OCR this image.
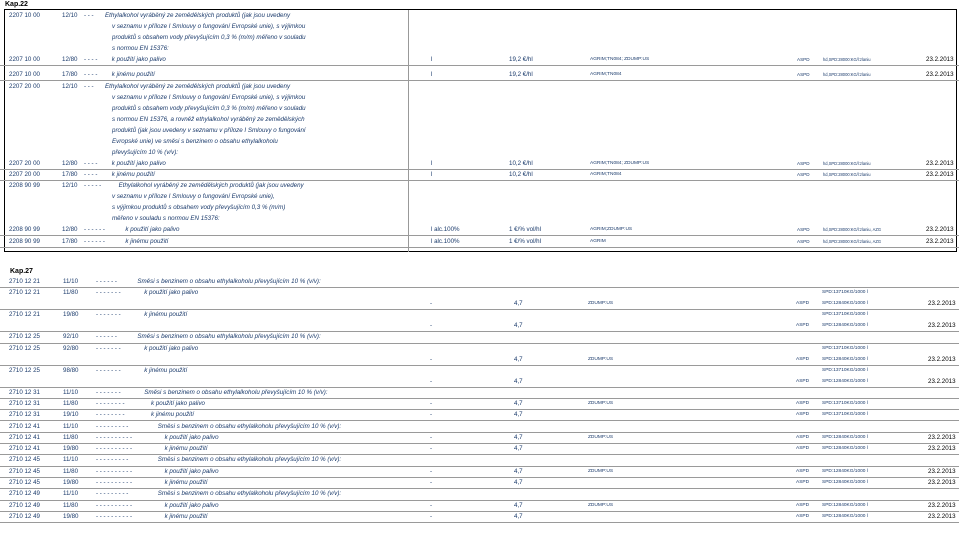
Kap.22
2207 10 00	12/10 - - - Ethylalkohol vyráběný ze zemědělských produktů (jak jsou uvedeny
v seznamu v příloze I Smlouvy o fungování Evropské unie), s výjimkou
produktů s obsahem vody převyšujícím 0,3 % (m/m) měřeno v souladu
s normou EN 15376:
2207 10 00	12/80 - - - - k použití jako palivo	l	19,2 €/hl	AGRIM;TN084; ZDUMP:US	ASPD	hd,SPD:28000:KG/l:zlaniu	23.2.2013
2207 10 00	17/80 - - - - k jinému použití	l	19,2 €/hl	AGRIM;TN084	ASPD	hd,SPD:28000:KG/l:zlaniu	23.2.2013
2207 20 00	12/10 - - - Ethylalkohol vyráběný ze zemědělských produktů (jak jsou uvedeny
v seznamu v příloze I Smlouvy o fungování Evropské unie), s výjimkou
produktů s obsahem vody převyšujícím 0,3 % (m/m) měřeno v souladu
s normou EN 15376, a rovněž ethylalkohol vyráběný ze zemědělských
produktů (jak jsou uvedeny v seznamu v příloze I Smlouvy o fungování
Evropské unie) ve směsi s benzinem o obsahu ethylalkoholu
převyšujícím 10 % (v/v):
2207 20 00	12/80 - - - - k použití jako palivo	l	10,2 €/hl	AGRIM;TN084; ZDUMP:US	ASPD	hd,SPD:28000:KG/l:zlaniu	23.2.2013
2207 20 00	17/80 - - - - k jinému použití	l	10,2 €/hl	AGRIM;TN084	ASPD	hd,SPD:28000:KG/l:zlaniu	23.2.2013
2208 90 99	12/10 - - - - -	Ethylalkohol vyráběný ze zemědělských produktů (jak jsou uvedeny
v seznamu v příloze I Smlouvy o fungování Evropské unie),
s výjimkou produktů s obsahem vody převyšujícím 0,3 % (m/m)
měřeno v souladu s normou EN 15376:
2208 90 99	12/80 - - - - - -	k použití jako palivo	l alc.100%	1 €/% vol/hl	AGRIM;ZDUMP:US	ASPD	hd,SPD:28000:KG/l:zlaniu, AZG	23.2.2013
2208 90 99	17/80 - - - - - -	k jinému použití	l alc.100%	1 €/% vol/hl	AGRIM	ASPD	hd,SPD:28000:KG/l:zlaniu, AZG	23.2.2013
Kap.27
2710 12 21	11/10	- - - - - -	Směsi s benzinem o obsahu ethylalkoholu převyšujícím 10 % (v/v):
2710 12 21	11/80	- - - - - - -	k použití jako palivo
-	4,7	ZDUMP:US	ASPD
SPD:13710KG/1000 l
SPD:12840KG/1000 l	23.2.2013
2710 12 21	19/80	- - - - - - -	k jinému použití
-	4,7	ASPD
SPD:13710KG/1000 l
SPD:12840KG/1000 l	23.2.2013
2710 12 25	92/10	- - - - - -	Směsi s benzinem o obsahu ethylalkoholu převyšujícím 10 % (v/v):
2710 12 25	92/80	- - - - - - -	k použití jako palivo
-	4,7	ZDUMP:US	ASPD
SPD:13710KG/1000 l
SPD:12840KG/1000 l	23.2.2013
2710 12 25	98/80	- - - - - - -	k jinému použití
-	4,7	ASPD
SPD:13710KG/1000 l
SPD:12840KG/1000 l	23.2.2013
2710 12 31	11/10	- - - - - - -	Směsi s benzinem o obsahu ethylalkoholu převyšujícím 10 % (v/v):
2710 12 31	11/80	- - - - - - - -	k použití jako palivo	-	4,7	ZDUMP:US	ASPD	SPD:13710KG/1000 l
2710 12 31	19/10	- - - - - - - -	k jinému použití	-	4,7	ASPD	SPD:13710KG/1000 l
2710 12 41	11/10	- - - - - - - - -	Směsi s benzinem o obsahu ethylalkoholu převyšujícím 10 % (v/v):
2710 12 41	11/80	- - - - - - - - - -	k použití jako palivo	-	4,7	ZDUMP:US	ASPD	SPD:12840KG/1000 l	23.2.2013
2710 12 41	19/80	- - - - - - - - - -	k jinému použití	-	4,7	ASPD	SPD:12840KG/1000 l	23.2.2013
2710 12 45	11/10	- - - - - - - - -	Směsi s benzinem o obsahu ethylalkoholu převyšujícím 10 % (v/v):
2710 12 45	11/80	- - - - - - - - - -	k použití jako palivo	-	4,7	ZDUMP:US	ASPD	SPD:12840KG/1000 l	23.2.2013
2710 12 45	19/80	- - - - - - - - - -	k jinému použití	-	4,7	ASPD	SPD:12840KG/1000 l	23.2.2013
2710 12 49	11/10	- - - - - - - - -	Směsi s benzinem o obsahu ethylalkoholu převyšujícím 10 % (v/v):
2710 12 49	11/80	- - - - - - - - - -	k použití jako palivo	-	4,7	ZDUMP:US	ASPD	SPD:12840KG/1000 l	23.2.2013
2710 12 49	19/80	- - - - - - - - - -	k jinému použití	-	4,7	ASPD	SPD:12840KG/1000 l	23.2.2013
